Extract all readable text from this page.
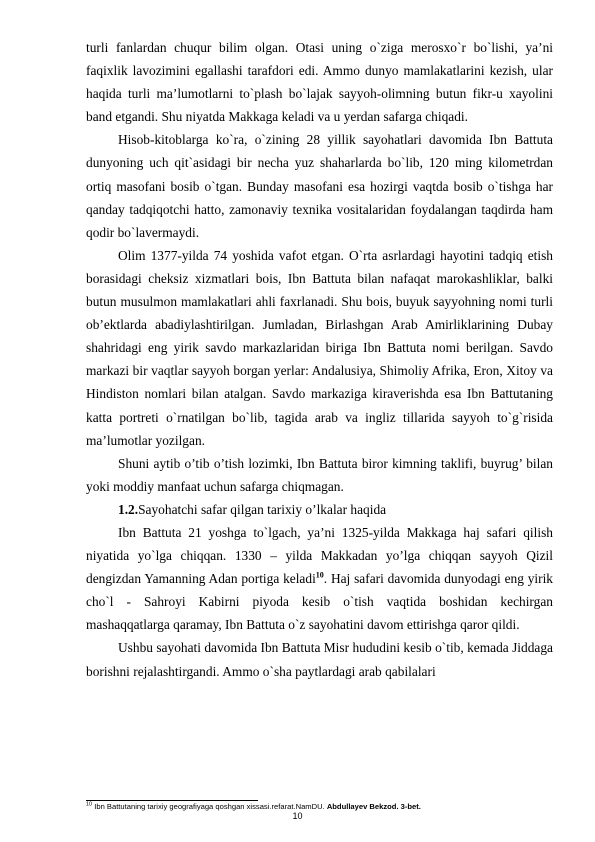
turli fanlardan chuqur bilim olgan. Otasi uning o`ziga merosxo`r bo`lishi, ya’ni faqixlik lavozimini egallashi tarafdori edi. Ammo dunyo mamlakatlarini kezish, ular haqida turli ma’lumotlarni to`plash bo`lajak sayyoh-olimning butun fikr-u xayolini band etgandi. Shu niyatda Makkaga keladi va u yerdan safarga chiqadi.

Hisob-kitoblarga ko`ra, o`zining 28 yillik sayohatlari davomida Ibn Battuta dunyoning uch qit`asidagi bir necha yuz shaharlarda bo`lib, 120 ming kilometrdan ortiq masofani bosib o`tgan. Bunday masofani esa hozirgi vaqtda bosib o`tishga har qanday tadqiqotchi hatto, zamonaviy texnika vositalaridan foydalangan taqdirda ham qodir bo`lavermaydi.

Olim 1377-yilda 74 yoshida vafot etgan. O`rta asrlardagi hayotini tadqiq etish borasidagi cheksiz xizmatlari bois, Ibn Battuta bilan nafaqat marokashliklar, balki butun musulmon mamlakatlari ahli faxrlanadi. Shu bois, buyuk sayyohning nomi turli ob’ektlarda abadiylashtirilgan. Jumladan, Birlashgan Arab Amirliklarining Dubay shahridagi eng yirik savdo markazlaridan biriga Ibn Battuta nomi berilgan. Savdo markazi bir vaqtlar sayyoh borgan yerlar: Andalusiya, Shimoliy Afrika, Eron, Xitoy va Hindiston nomlari bilan atalgan. Savdo markaziga kiraverishda esa Ibn Battutaning katta portreti o`rnatilgan bo`lib, tagida arab va ingliz tillarida sayyoh to`g`risida ma’lumotlar yozilgan.

Shuni aytib o’tib o’tish lozimki, Ibn Battuta biror kimning taklifi, buyrug’ bilan yoki moddiy manfaat uchun safarga chiqmagan.

1.2.Sayohatchi safar qilgan tarixiy o’lkalar haqida

Ibn Battuta 21 yoshga to`lgach, ya’ni 1325-yilda Makkaga haj safari qilish niyatida yo`lga chiqqan. 1330 – yilda Makkadan yo’lga chiqqan sayyoh Qizil dengizdan Yamanning Adan portiga keladi$^{10}$. Haj safari davomida dunyodagi eng yirik cho`l - Sahroyi Kabirni piyoda kesib o`tish vaqtida boshidan kechirgan mashaqqatlarga qaramay, Ibn Battuta o`z sayohatini davom ettirishga qaror qildi.

Ushbu sayohati davomida Ibn Battuta Misr hududini kesib o`tib, kemada Jiddaga borishni rejalashtirgandi. Ammo o`sha paytlardagi arab qabilalari

$^{10}$ Ibn Battutaning tarixiy geografiyaga qoshgan xissasi.refarat.NamDU. Abdullayev Bekzod. 3-bet.
10
